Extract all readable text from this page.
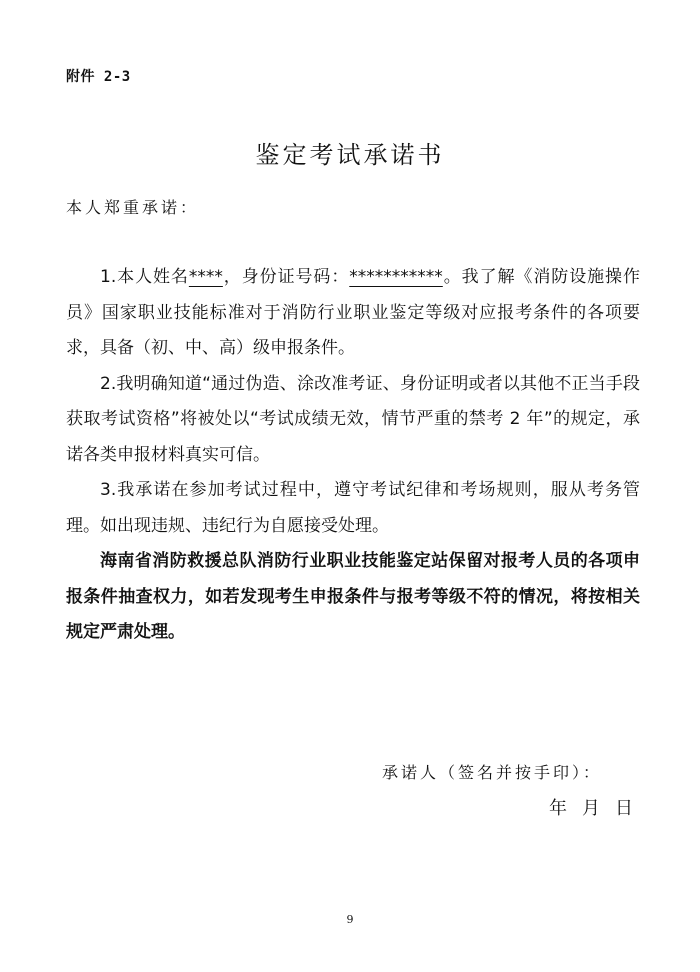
附件 2-3
鉴定考试承诺书
本人郑重承诺：

1.本人姓名****，身份证号码：***********。我了解《消防设施操作员》国家职业技能标准对于消防行业职业鉴定等级对应报考条件的各项要求，具备（初、中、高）级申报条件。

2.我明确知道“通过伪造、涂改准考证、身份证明或者以其他不正当手段获取考试资格”将被处以“考试成绩无效，情节严重的禁考 2 年”的规定，承诺各类申报材料真实可信。

3.我承诺在参加考试过程中，遵守考试纪律和考场规则，服从考务管理。如出现违规、违纪行为自愿接受处理。

海南省消防救援总队消防行业职业技能鉴定站保留对报考人员的各项申报条件抽查权力，如若发现考生申报条件与报考等级不符的情况，将按相关规定严肃处理。

承诺人（签名并按手印）：
年 月 日
9
